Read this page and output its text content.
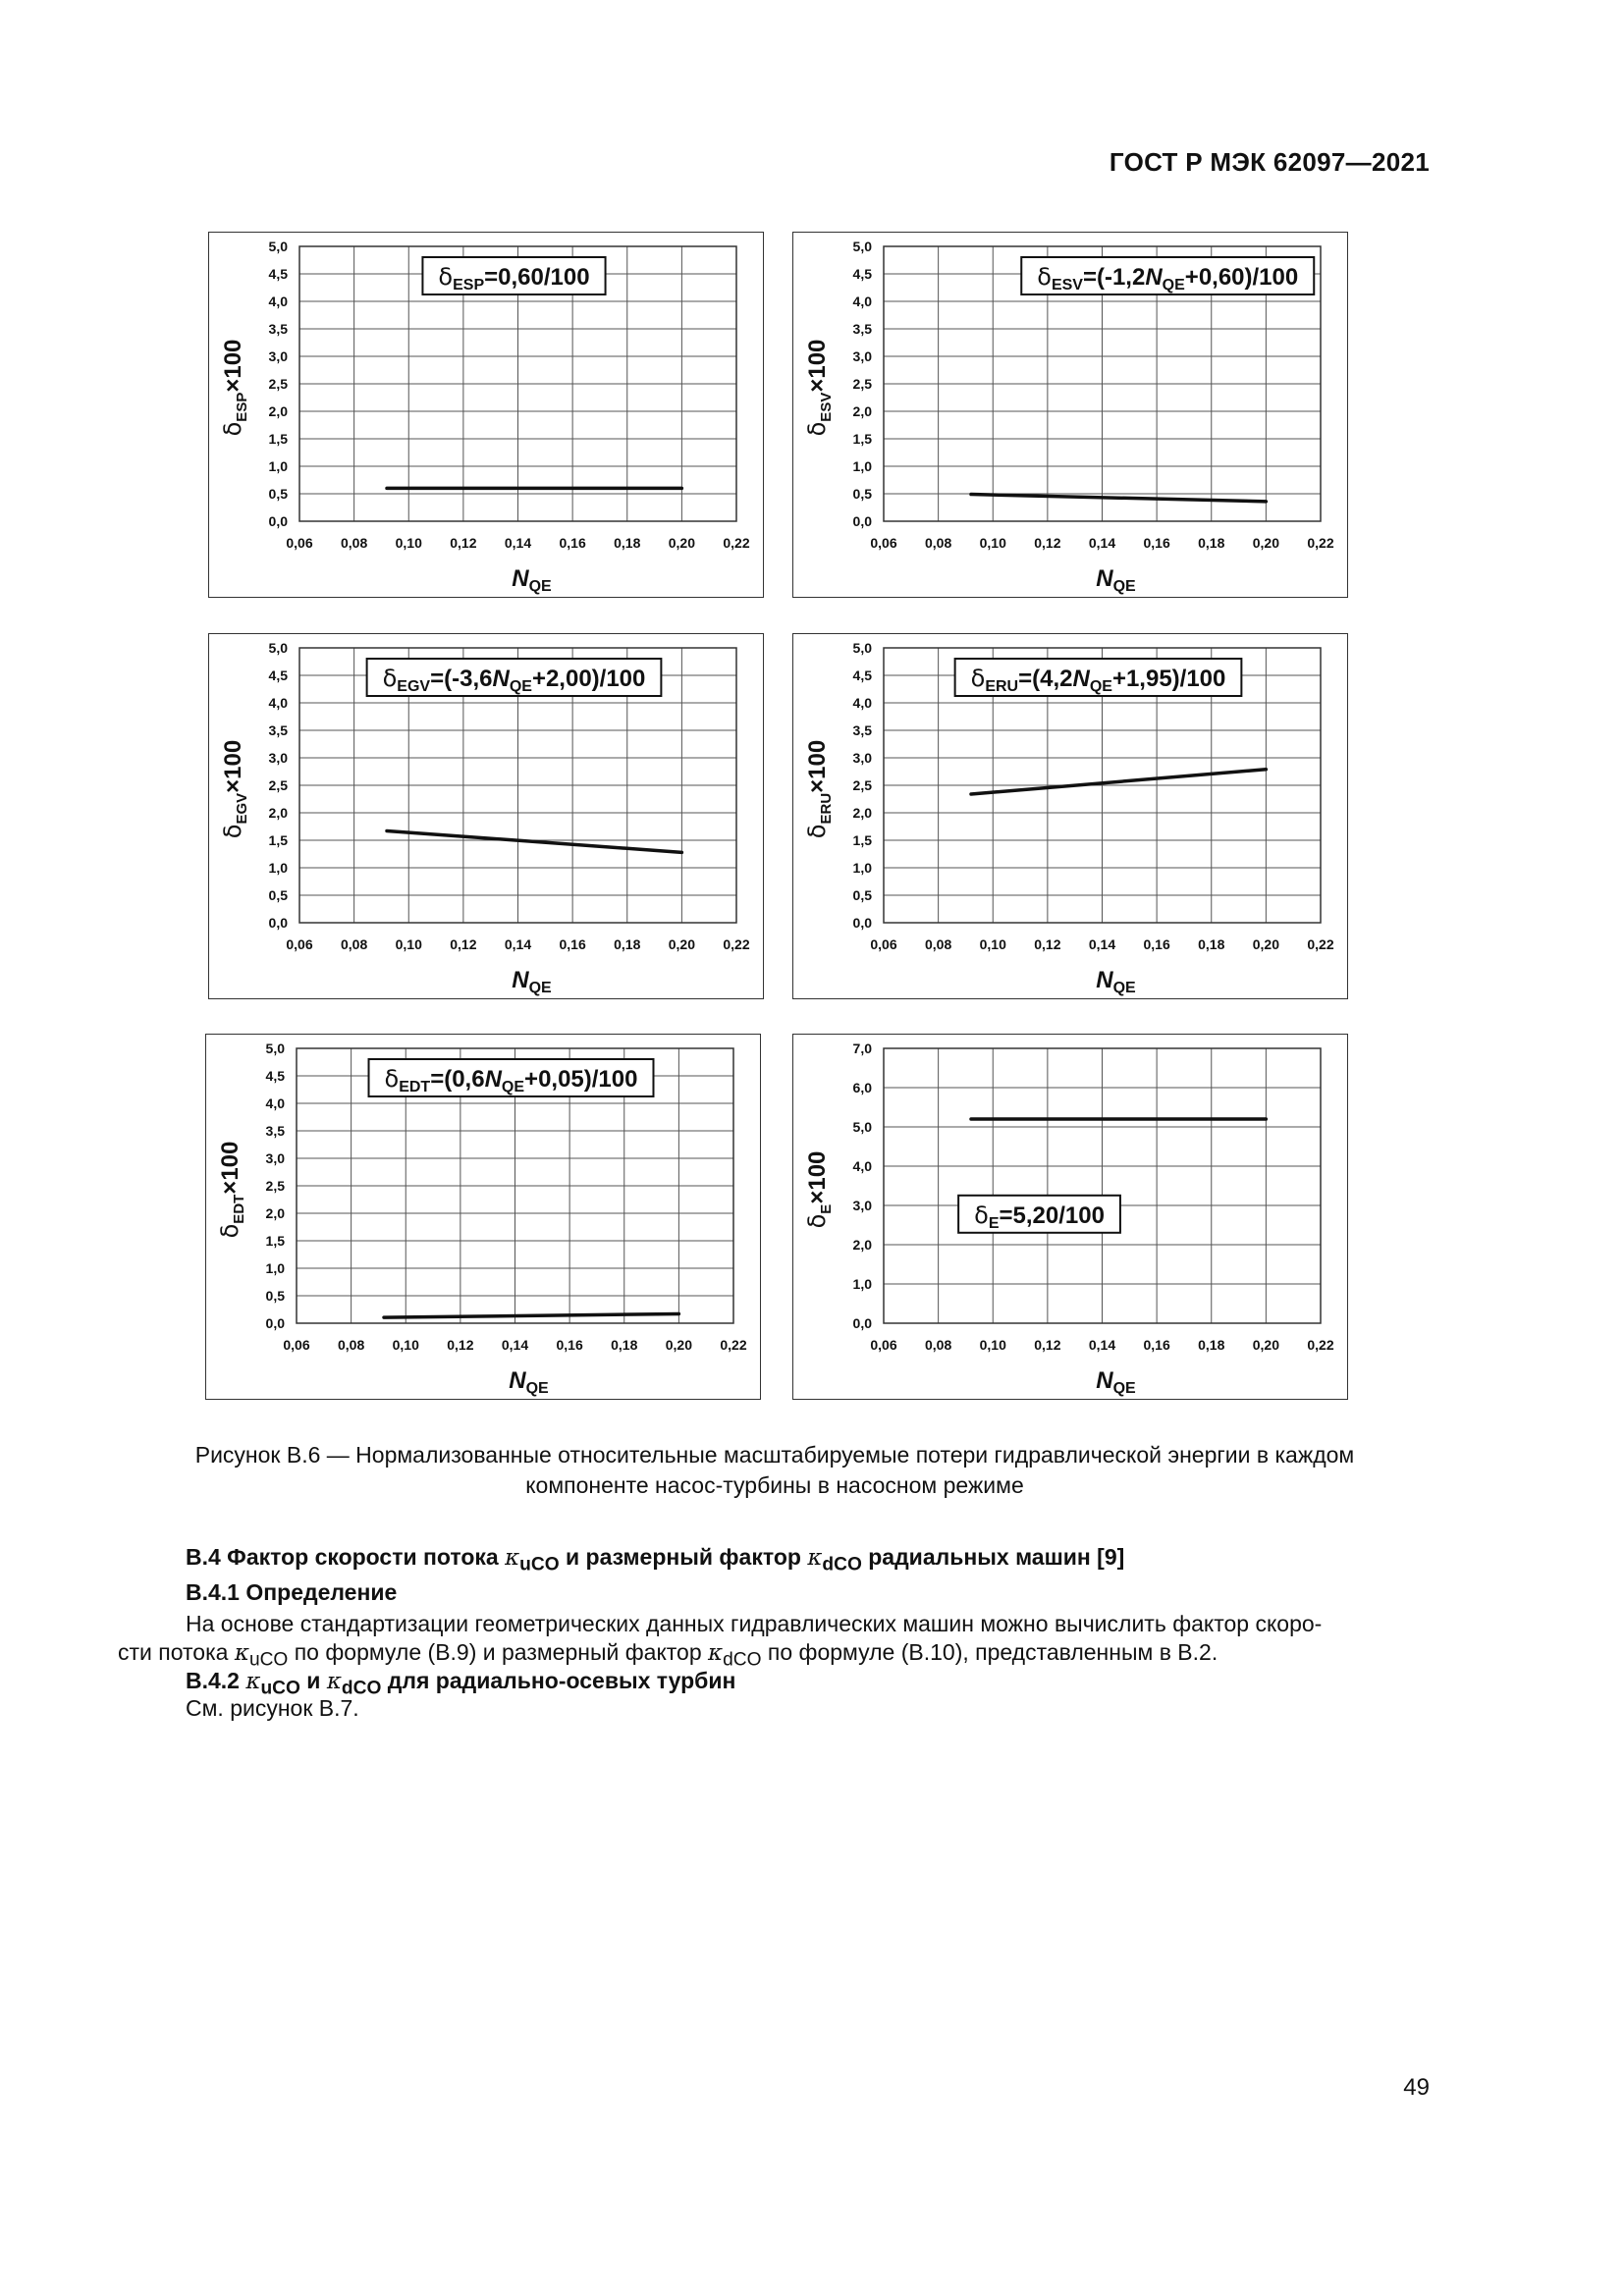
ГОСТ Р МЭК 62097—2021
0,06 0,08 0,10 0,12 0,14 0,16 0,18 0,20 0,22
0,0
0,5
1,0
1,5
2,0
2,5
3,0
3,5
4,0
4,5
5,0
$N_{QE}$
$\delta_{ESP}\times 100$
$\delta_{ESP}=0,60/100$
0,06 0,08 0,10 0,12 0,14 0,16 0,18 0,20 0,22
0,0
0,5
1,0
1,5
2,0
2,5
3,0
3,5
4,0
4,5
5,0
$N_{QE}$
$\delta_{ESV}\times 100$
$\delta_{ESV}=(-1,2N_{QE}+0,60)/100$
0,06 0,08 0,10 0,12 0,14 0,16 0,18 0,20 0,22
0,0
0,5
1,0
1,5
2,0
2,5
3,0
3,5
4,0
4,5
5,0
$N_{QE}$
$\delta_{EGV}\times 100$
$\delta_{EGV}=(-3,6N_{QE}+2,00)/100$
0,06 0,08 0,10 0,12 0,14 0,16 0,18 0,20 0,22
0,0
0,5
1,0
1,5
2,0
2,5
3,0
3,5
4,0
4,5
5,0
$N_{QE}$
$\delta_{ERU}\times 100$
$\delta_{ERU}=(4,2N_{QE}+1,95)/100$
0,06 0,08 0,10 0,12 0,14 0,16 0,18 0,20 0,22
0,0
0,5
1,0
1,5
2,0
2,5
3,0
3,5
4,0
4,5
5,0
$N_{QE}$
$\delta_{EDT}\times 100$
$\delta_{EDT}=(0,6N_{QE}+0,05)/100$
0,06 0,08 0,10 0,12 0,14 0,16 0,18 0,20 0,22
0,0
1,0
2,0
3,0
4,0
5,0
6,0
7,0
$N_{QE}$
$\delta_E\times 100$
$\delta_E=5,20/100$
Рисунок В.6 — Нормализованные относительные масштабируемые потери гидравлической энергии в каждом
компоненте насос-турбины в насосном режиме
В.4 Фактор скорости потока $\kappa_{uCO}$ и размерный фактор $\kappa_{dCO}$ радиальных машин [9]
В.4.1 Определение
На основе стандартизации геометрических данных гидравлических машин можно вычислить фактор скоро-
сти потока $\kappa_{uCO}$ по формуле (В.9) и размерный фактор $\kappa_{dCO}$ по формуле (В.10), представленным в В.2.
В.4.2 $\kappa_{uCO}$ и $\kappa_{dCO}$ для радиально-осевых турбин
См. рисунок В.7.
49
